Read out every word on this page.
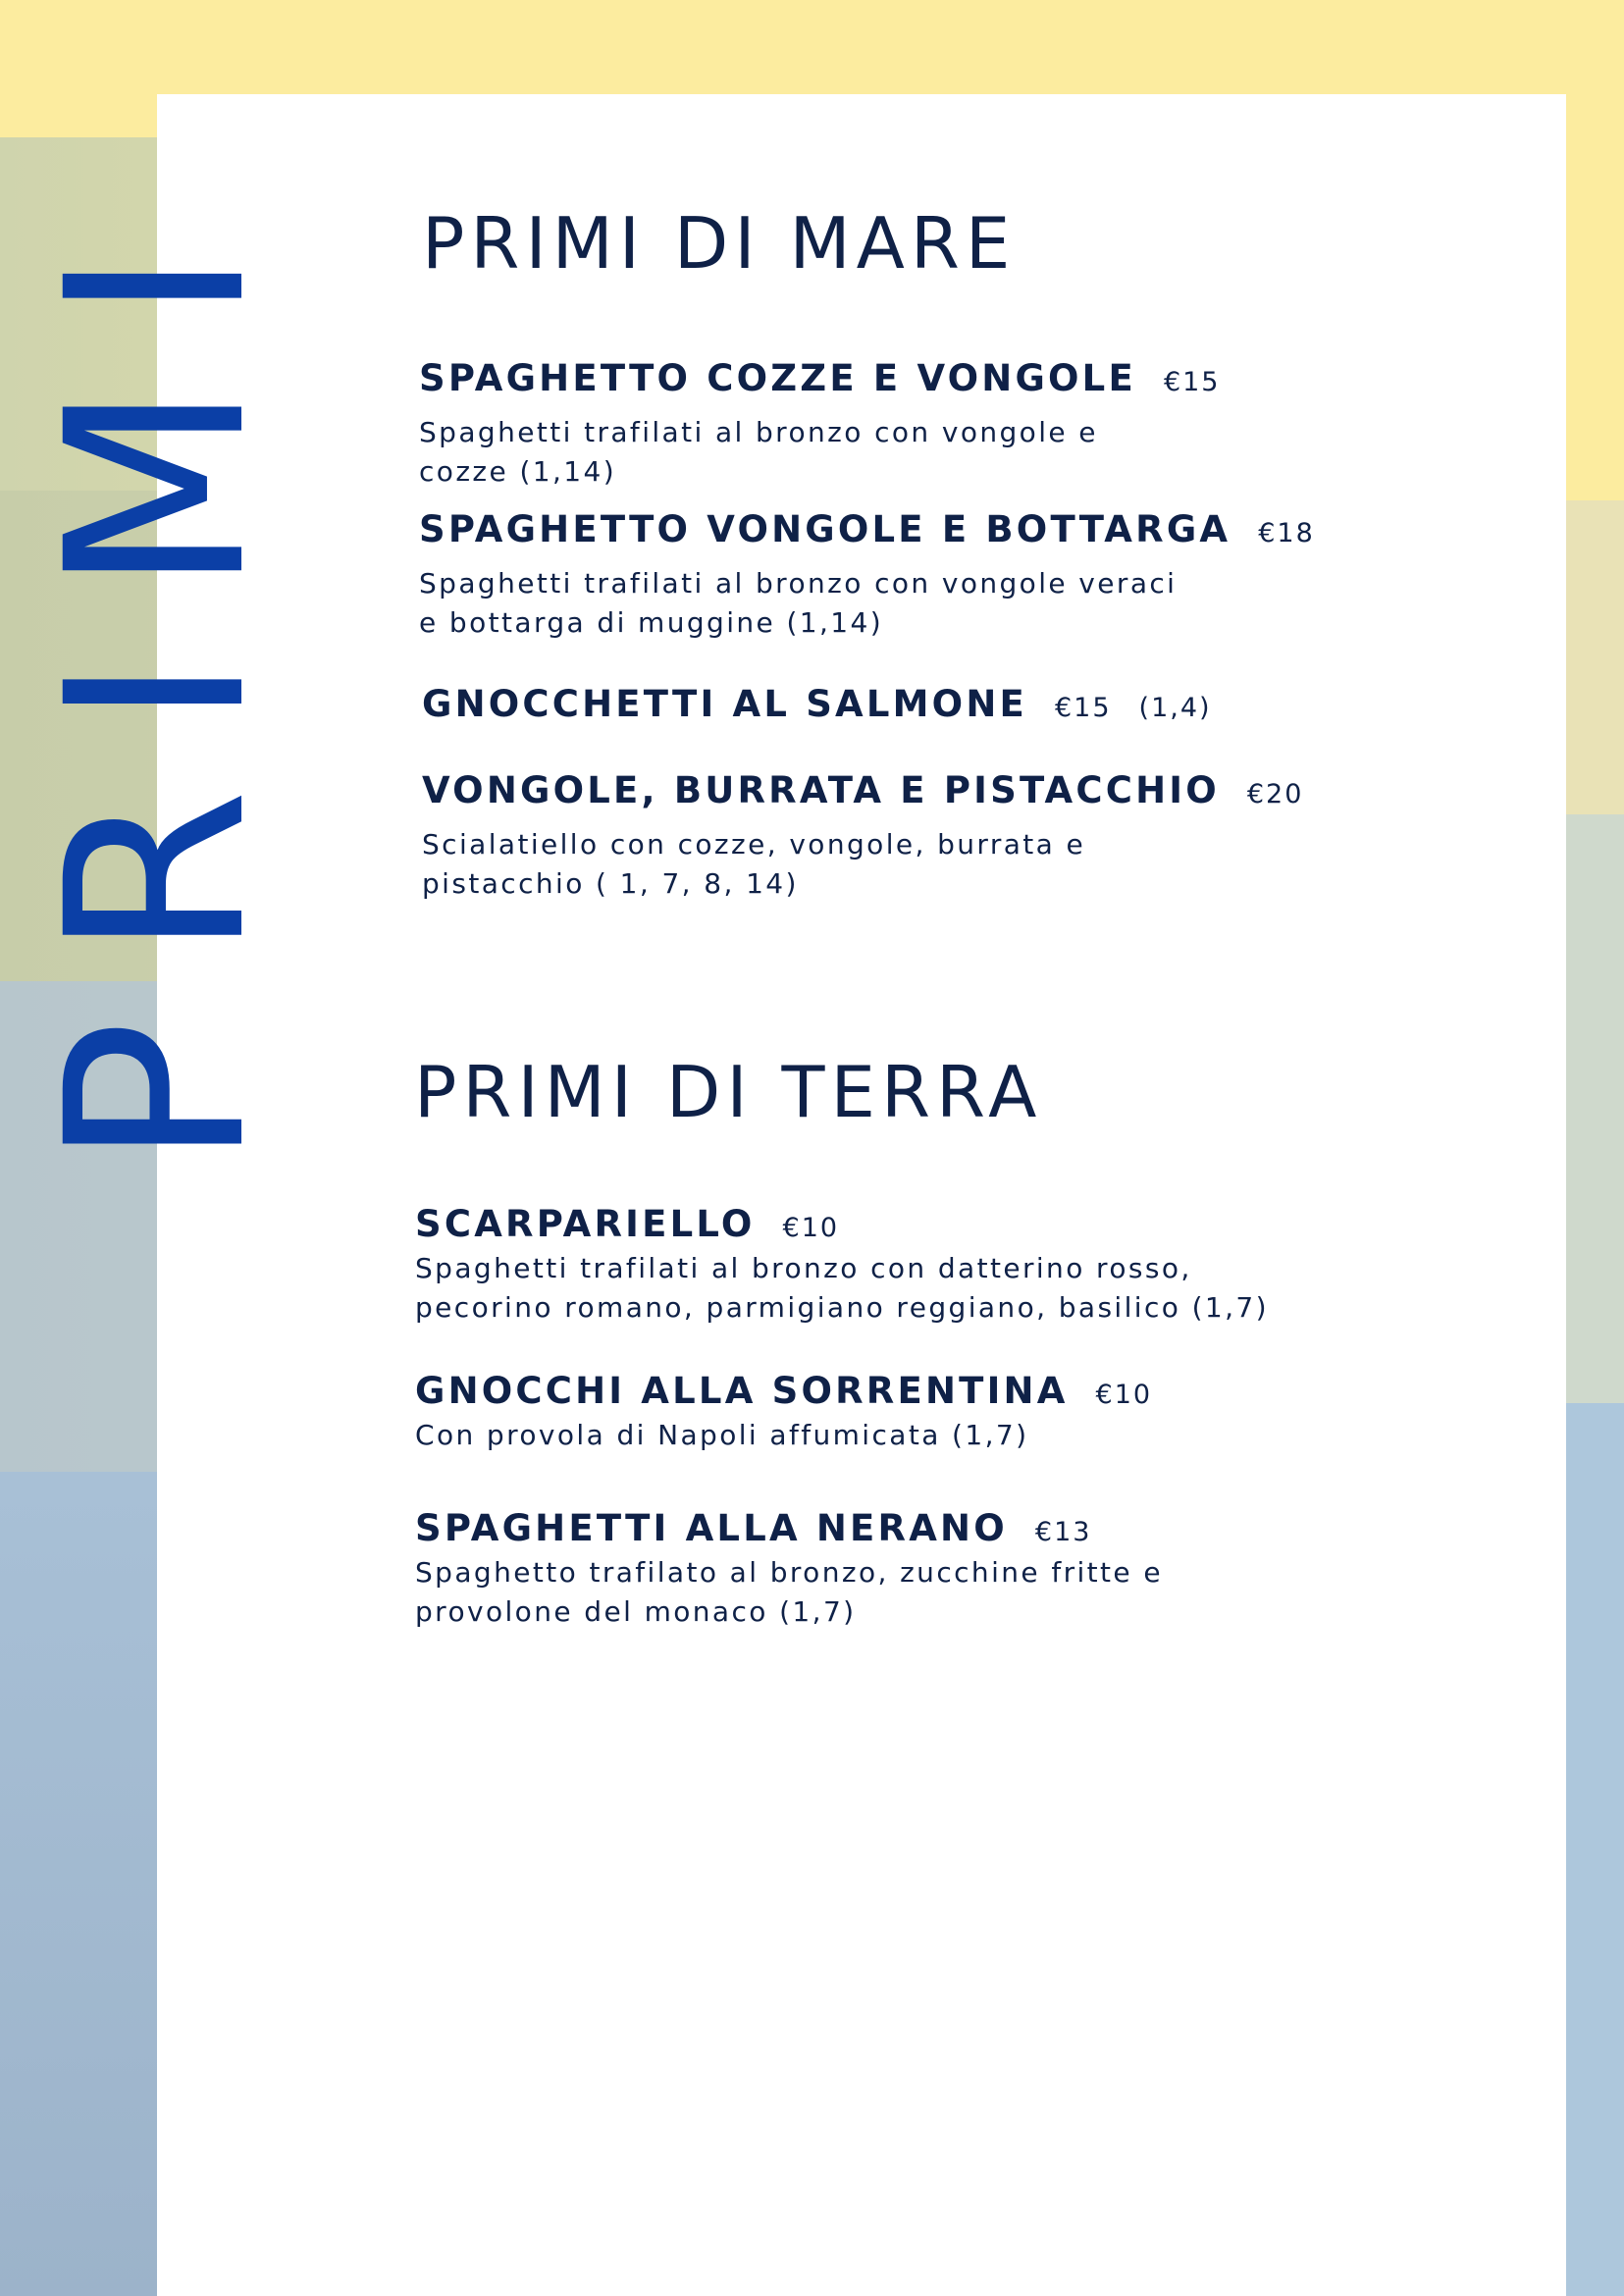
PRIMI DI MARE
SPAGHETTO COZZE E VONGOLE €15
Spaghetti trafilati al bronzo con vongole e
cozze (1,14)
SPAGHETTO VONGOLE E BOTTARGA €18
Spaghetti trafilati al bronzo con vongole veraci
e bottarga di muggine (1,14)
GNOCCHETTI AL SALMONE €15 (1,4)
VONGOLE, BURRATA E PISTACCHIO €20
Scialatiello con cozze, vongole, burrata e
pistacchio ( 1, 7, 8, 14)
PRIMI DI TERRA
SCARPARIELLO €10
Spaghetti trafilati al bronzo con datterino rosso,
pecorino romano, parmigiano reggiano, basilico (1,7)
GNOCCHI ALLA SORRENTINA €10
Con provola di Napoli affumicata (1,7)
SPAGHETTI ALLA NERANO €13
Spaghetto trafilato al bronzo, zucchine fritte e
provolone del monaco (1,7)
PRIMI
